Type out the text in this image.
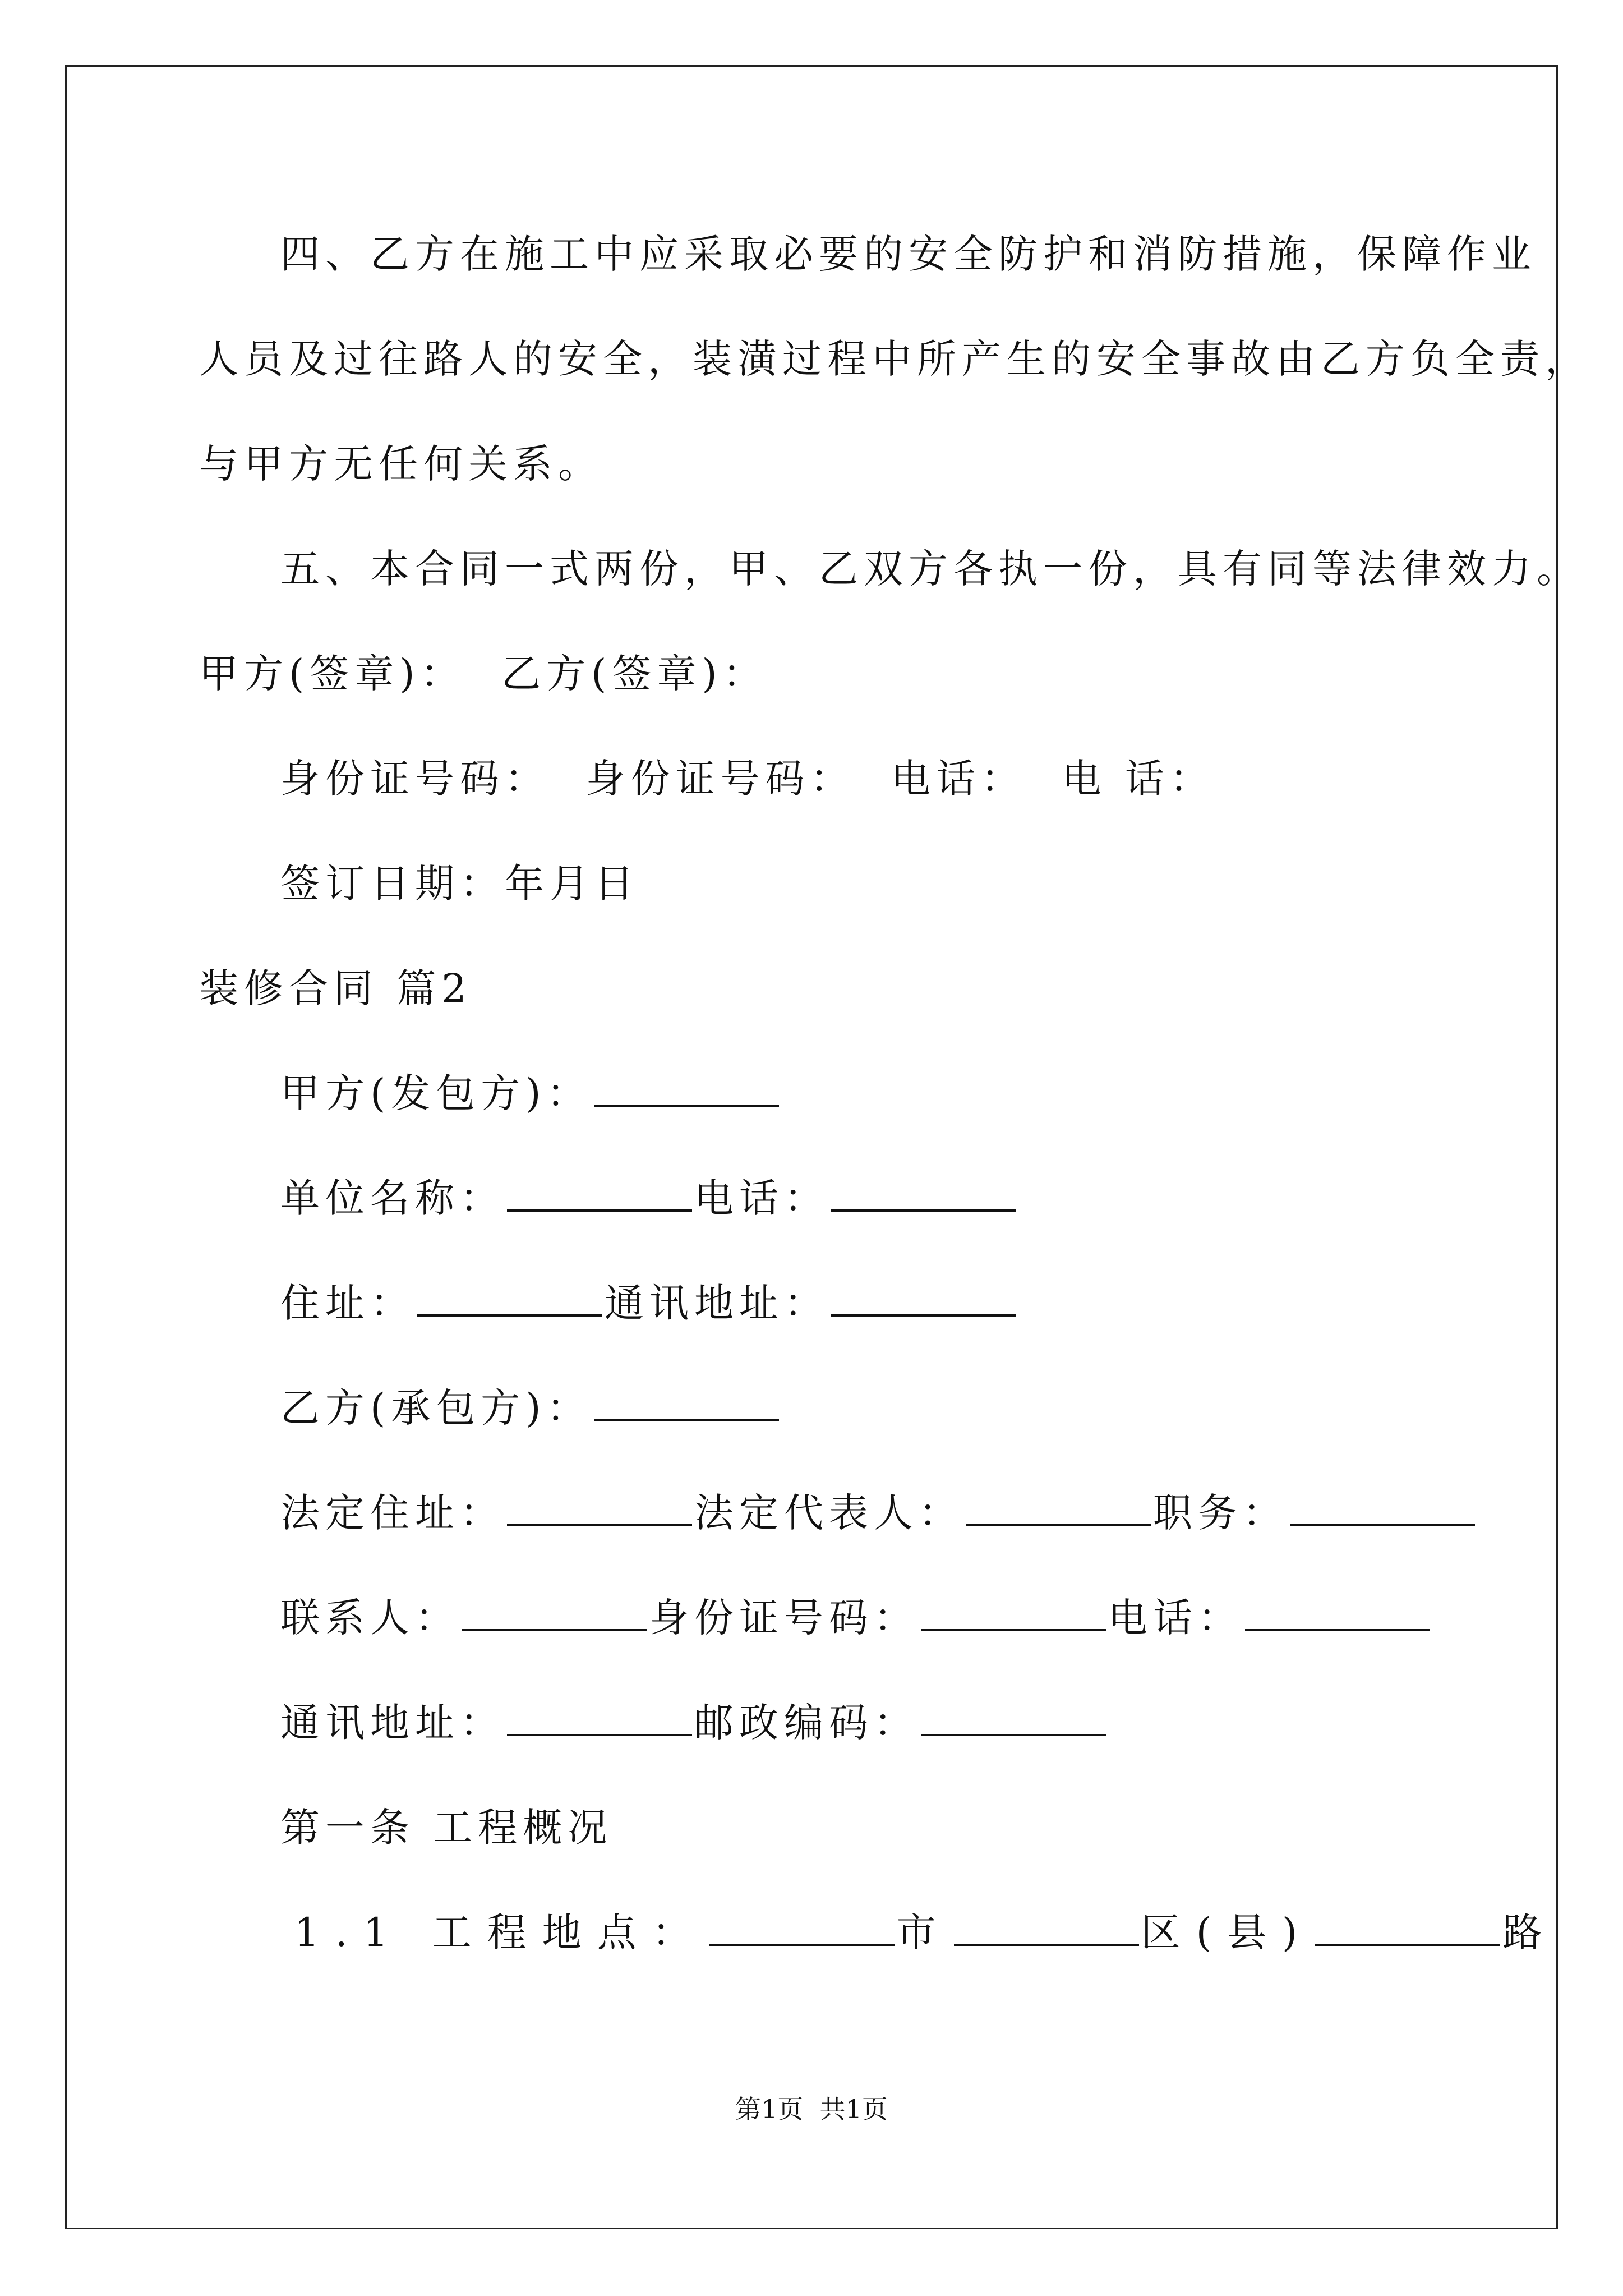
四、乙方在施工中应采取必要的安全防护和消防措施，保障作业
人员及过往路人的安全，装潢过程中所产生的安全事故由乙方负全责，
与甲方无任何关系。
五、本合同一式两份，甲、乙双方各执一份，具有同等法律效力。
甲方(签章)：  乙方(签章)：
身份证号码：  身份证号码：  电话：  电 话：
签订日期：年月日
装修合同 篇2
甲方(发包方)：
单位名称：	电话：
住址：	通讯地址：
乙方(承包方)：
法定住址：	法定代表人：	职务：
联系人：	身份证号码：	电话：
通讯地址：	邮政编码：
第一条 工程概况
1.1 工程地点：	市	区(县)	路
第1页  共1页
